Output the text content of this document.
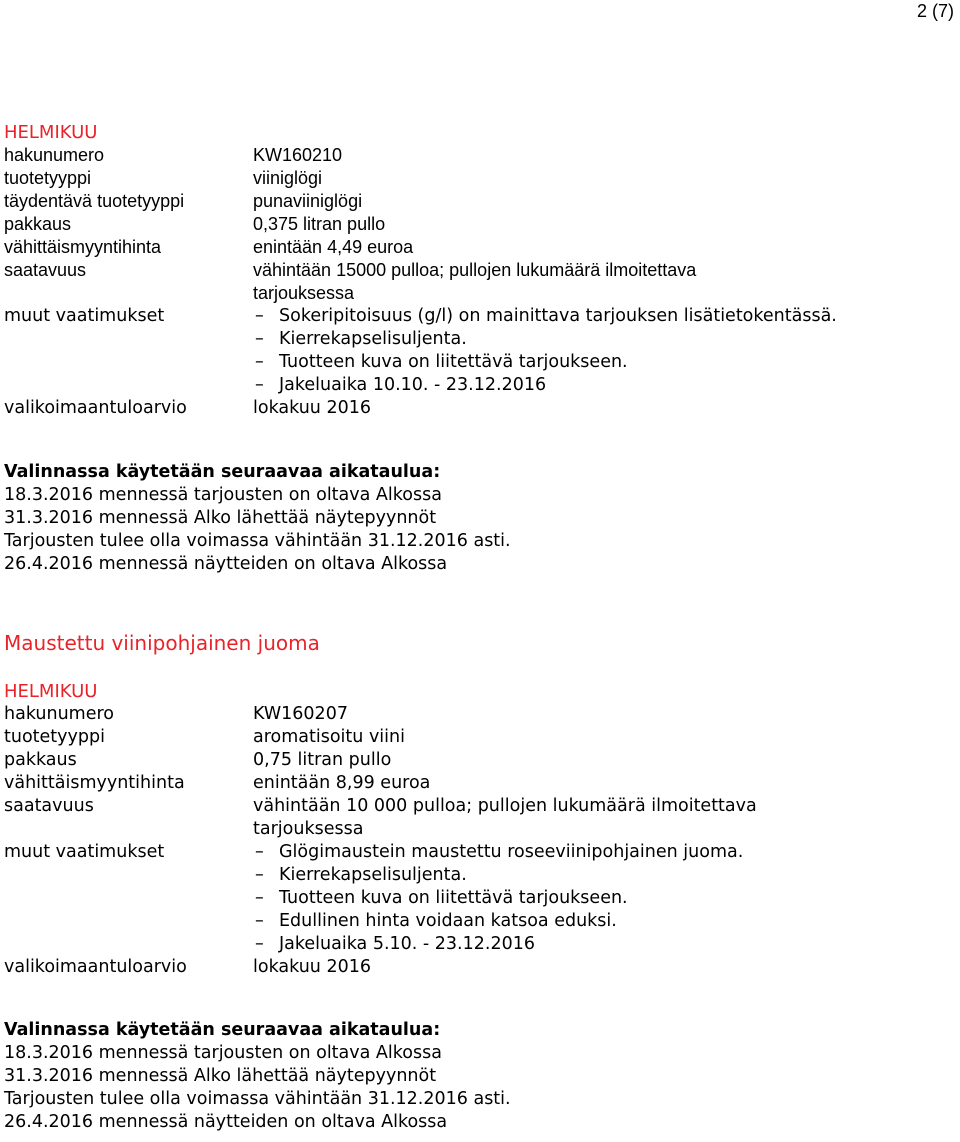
2 (7)
HELMIKUU
hakunumero	KW160210
tuotetyyppi	viiniglögi
täydentävä tuotetyyppi	punaviiniglögi
pakkaus	0,375 litran pullo
vähittäismyyntihinta	enintään 4,49 euroa
saatavuus	vähintään 15000 pulloa; pullojen lukumäärä ilmoitettava
tarjouksessa
muut vaatimukset	– Sokeripitoisuus (g/l) on mainittava tarjouksen lisätietokentässä.
– Kierrekapselisuljenta.
– Tuotteen kuva on liitettävä tarjoukseen.
– Jakeluaika 10.10. - 23.12.2016
valikoimaantuloarvio	lokakuu 2016
Valinnassa käytetään seuraavaa aikataulua:
18.3.2016 mennessä tarjousten on oltava Alkossa
31.3.2016 mennessä Alko lähettää näytepyynnöt
Tarjousten tulee olla voimassa vähintään 31.12.2016 asti.
26.4.2016 mennessä näytteiden on oltava Alkossa
Maustettu viinipohjainen juoma
HELMIKUU
hakunumero	KW160207
tuotetyyppi	aromatisoitu viini
pakkaus	0,75 litran pullo
vähittäismyyntihinta	enintään 8,99 euroa
saatavuus	vähintään 10 000 pulloa; pullojen lukumäärä ilmoitettava
tarjouksessa
muut vaatimukset	– Glögimaustein maustettu roseeviinipohjainen juoma.
– Kierrekapselisuljenta.
– Tuotteen kuva on liitettävä tarjoukseen.
– Edullinen hinta voidaan katsoa eduksi.
– Jakeluaika 5.10. - 23.12.2016
valikoimaantuloarvio	lokakuu 2016
Valinnassa käytetään seuraavaa aikataulua:
18.3.2016 mennessä tarjousten on oltava Alkossa
31.3.2016 mennessä Alko lähettää näytepyynnöt
Tarjousten tulee olla voimassa vähintään 31.12.2016 asti.
26.4.2016 mennessä näytteiden on oltava Alkossa
